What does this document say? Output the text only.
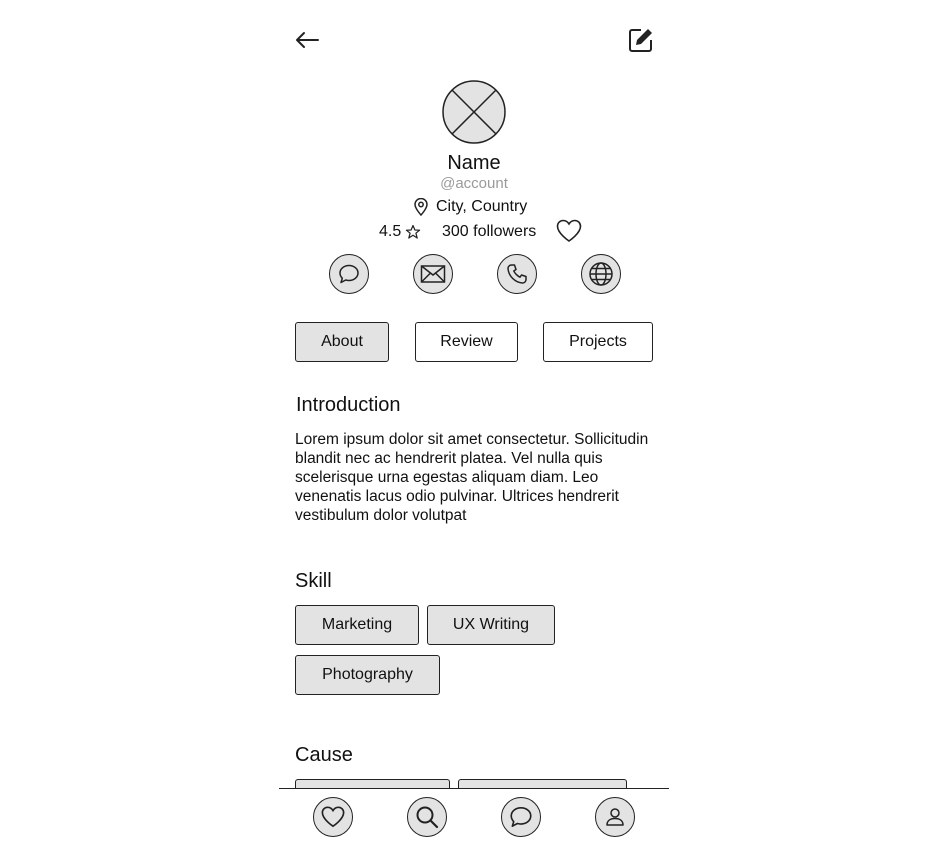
Name
@account
City, Country
4.5	300 followers
About	Review	Projects
Introduction
Lorem ipsum dolor sit amet consectetur. Sollicitudin blandit nec ac hendrerit platea. Vel nulla quis scelerisque urna egestas aliquam diam. Leo venenatis lacus odio pulvinar. Ultrices hendrerit vestibulum dolor volutpat
Skill
Marketing	UX Writing
Photography
Cause
